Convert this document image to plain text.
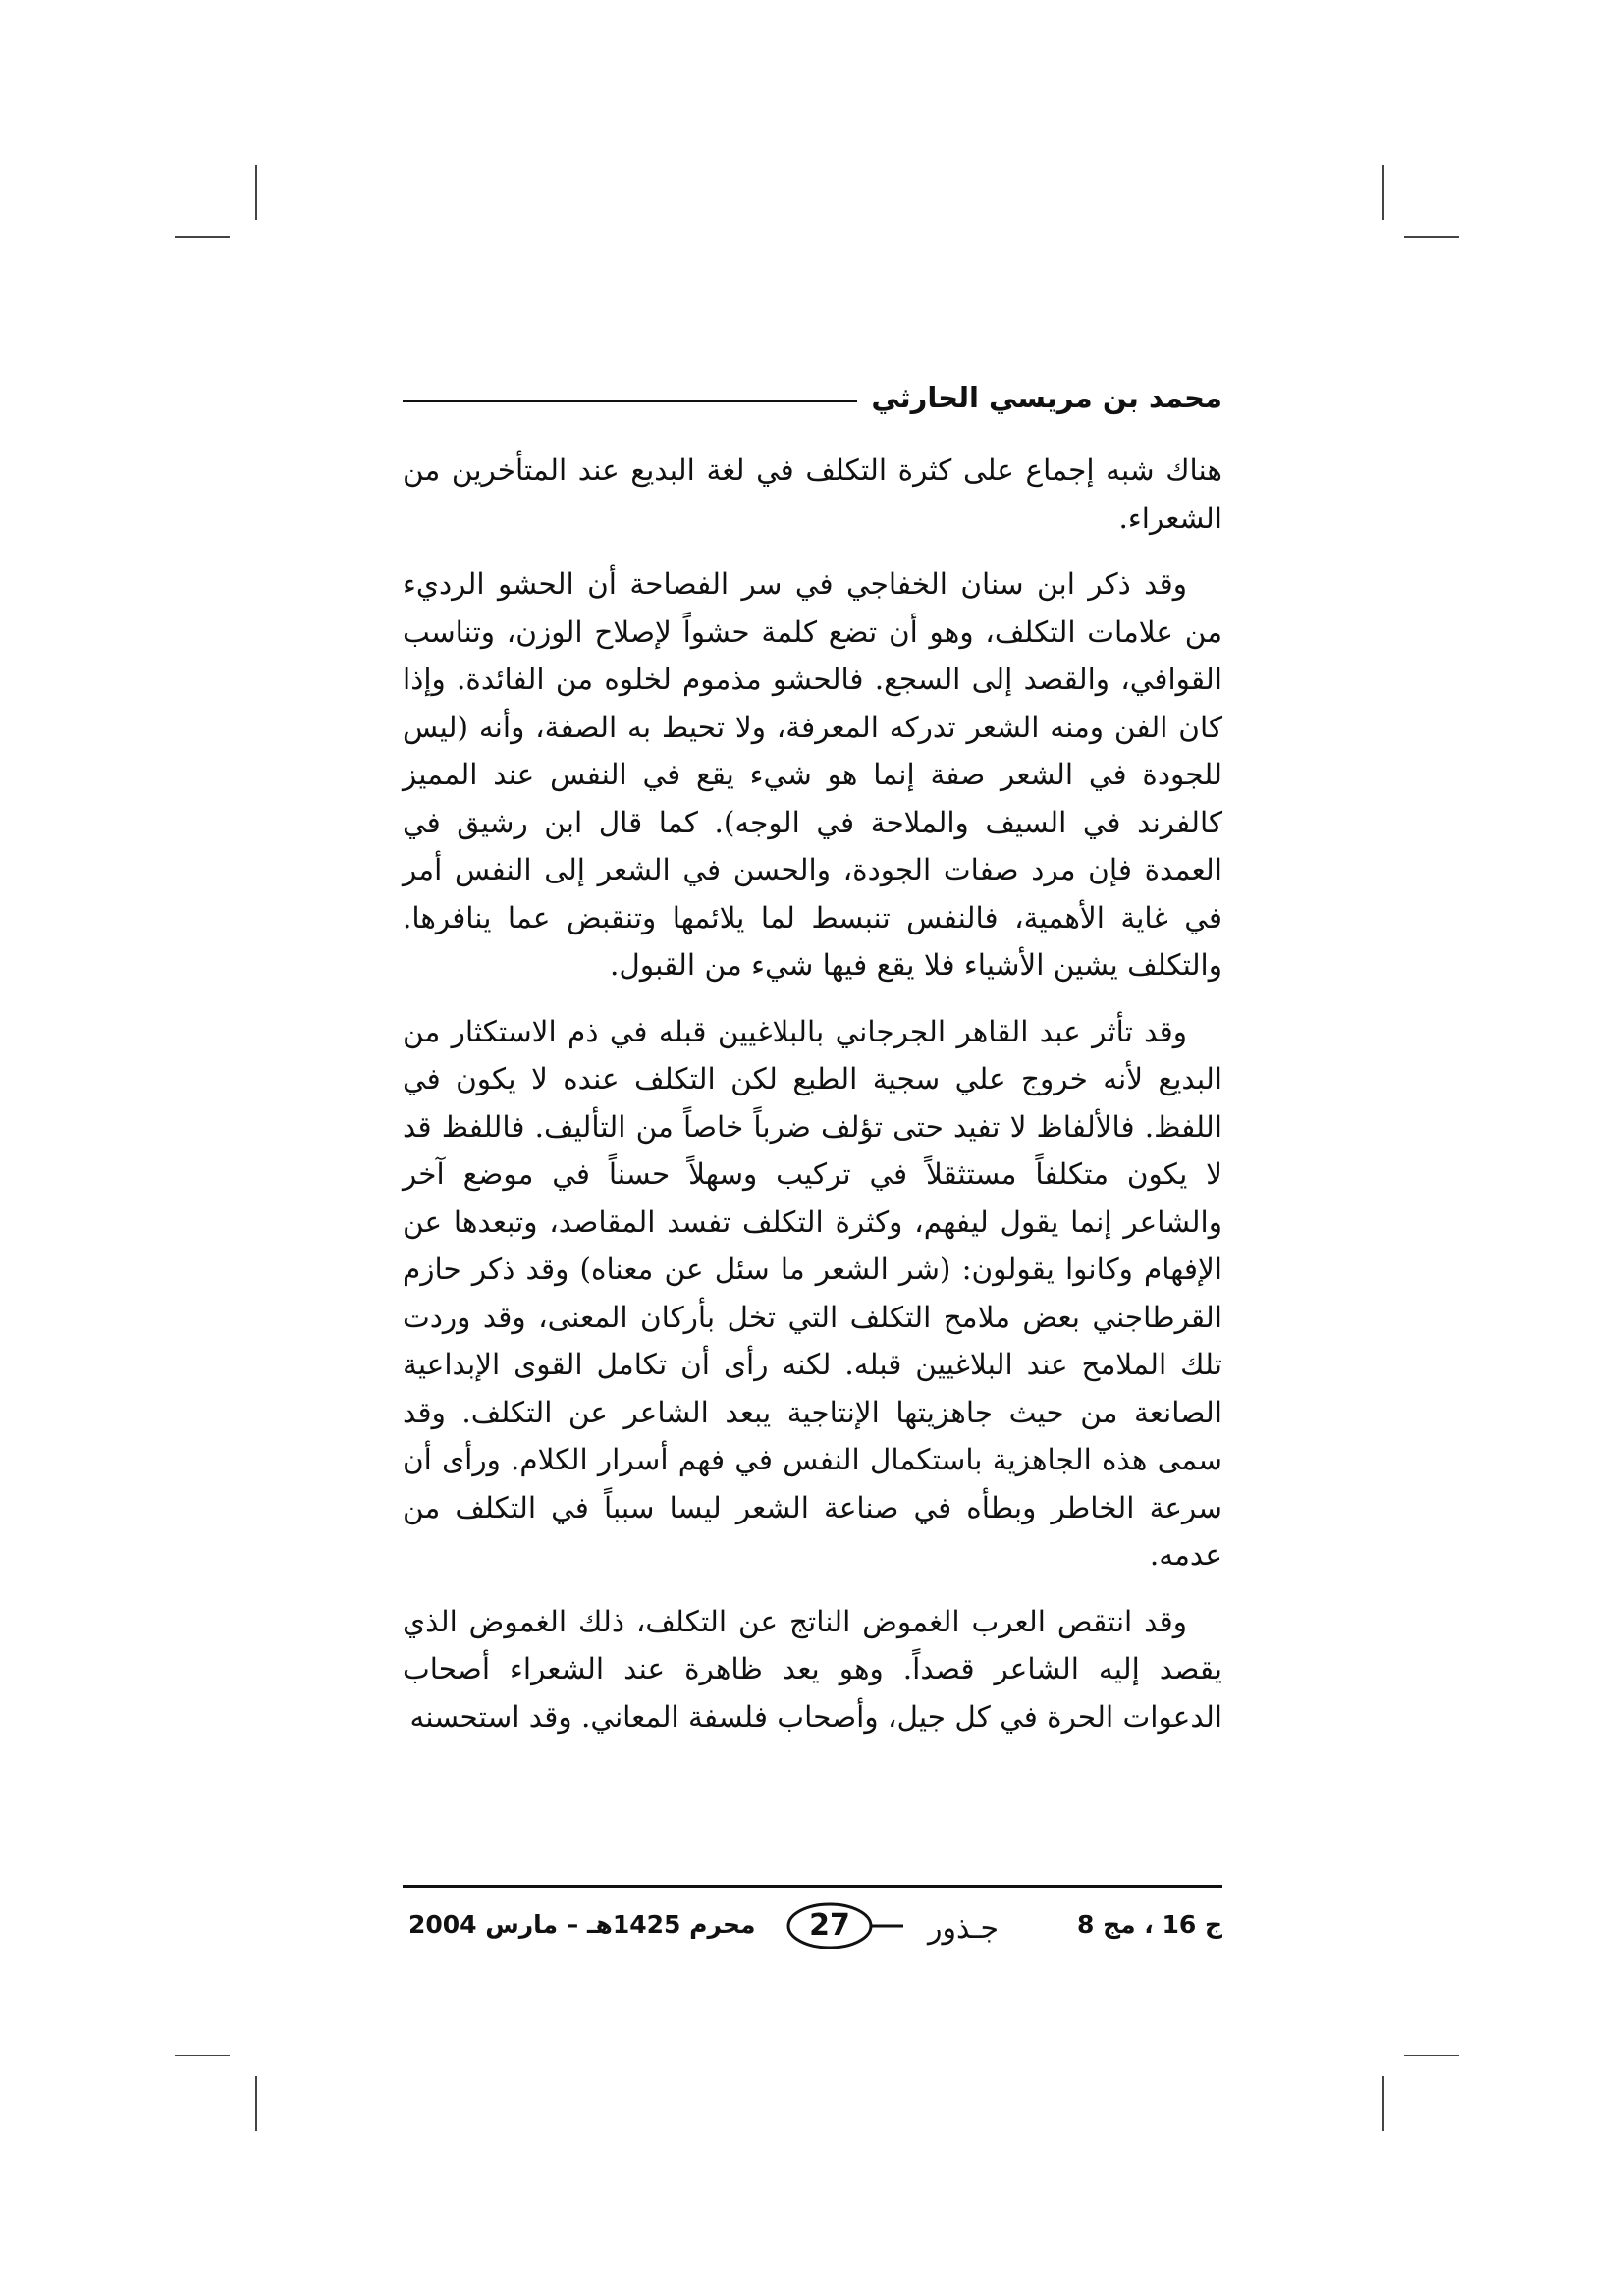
محمد بن مريسي الحارثي

هناك شبه إجماع على كثرة التكلف في لغة البديع عند المتأخرين من الشعراء.

وقد ذكر ابن سنان الخفاجي في سر الفصاحة أن الحشو الرديء من علامات التكلف، وهو أن تضع كلمة حشواً لإصلاح الوزن، وتناسب القوافي، والقصد إلى السجع. فالحشو مذموم لخلوه من الفائدة. وإذا كان الفن ومنه الشعر تدركه المعرفة، ولا تحيط به الصفة، وأنه (ليس للجودة في الشعر صفة إنما هو شيء يقع في النفس عند المميز كالفرند في السيف والملاحة في الوجه). كما قال ابن رشيق في العمدة فإن مرد صفات الجودة، والحسن في الشعر إلى النفس أمر في غاية الأهمية، فالنفس تنبسط لما يلائمها وتنقبض عما ينافرها. والتكلف يشين الأشياء فلا يقع فيها شيء من القبول.

وقد تأثر عبد القاهر الجرجاني بالبلاغيين قبله في ذم الاستكثار من البديع لأنه خروج علي سجية الطبع لكن التكلف عنده لا يكون في اللفظ. فالألفاظ لا تفيد حتى تؤلف ضرباً خاصاً من التأليف. فاللفظ قد لا يكون متكلفاً مستثقلاً في تركيب وسهلاً حسناً في موضع آخر والشاعر إنما يقول ليفهم، وكثرة التكلف تفسد المقاصد، وتبعدها عن الإفهام وكانوا يقولون: (شر الشعر ما سئل عن معناه) وقد ذكر حازم القرطاجني بعض ملامح التكلف التي تخل بأركان المعنى، وقد وردت تلك الملامح عند البلاغيين قبله. لكنه رأى أن تكامل القوى الإبداعية الصانعة من حيث جاهزيتها الإنتاجية يبعد الشاعر عن التكلف. وقد سمى هذه الجاهزية باستكمال النفس في فهم أسرار الكلام. ورأى أن سرعة الخاطر وبطأه في صناعة الشعر ليسا سبباً في التكلف من عدمه.

وقد انتقص العرب الغموض الناتج عن التكلف، ذلك الغموض الذي يقصد إليه الشاعر قصداً. وهو يعد ظاهرة عند الشعراء أصحاب الدعوات الحرة في كل جيل، وأصحاب فلسفة المعاني. وقد استحسنه

ج 16 ، مج 8
جـذور
27
محرم 1425هـ – مارس 2004
